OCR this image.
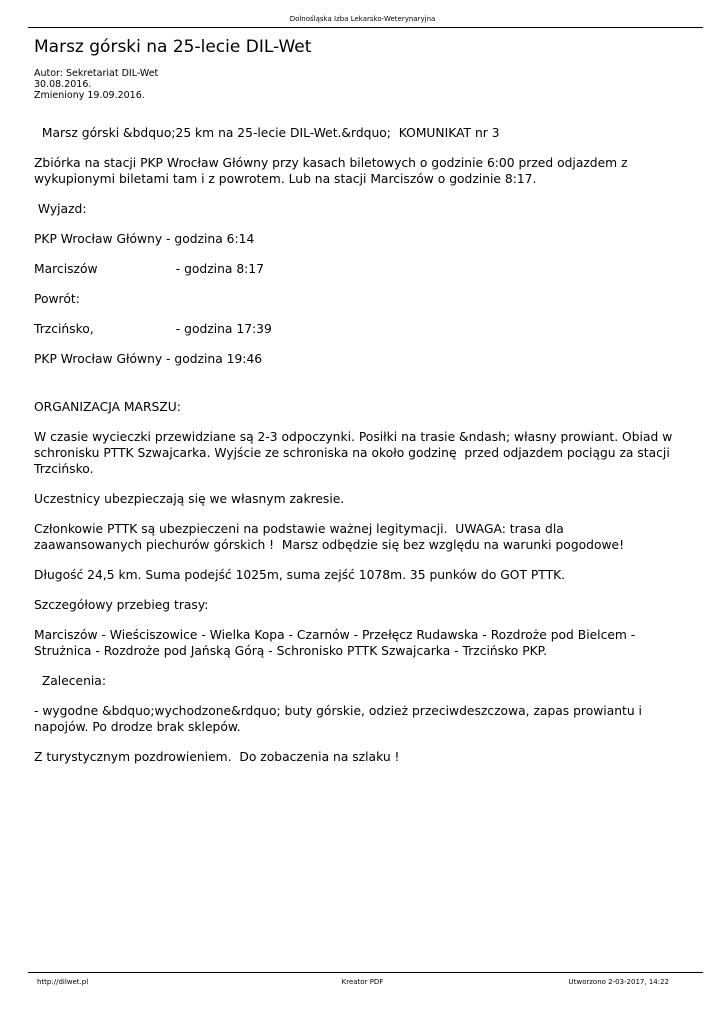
Dolnośląska Izba Lekarsko-Weterynaryjna
Marsz górski na 25-lecie DIL-Wet
Autor: Sekretariat DIL-Wet
30.08.2016.
Zmieniony 19.09.2016.

Marsz górski &bdquo;25 km na 25-lecie DIL-Wet.&rdquo;  KOMUNIKAT nr 3

Zbiórka na stacji PKP Wrocław Główny przy kasach biletowych o godzinie 6:00 przed odjazdem z wykupionymi biletami tam i z powrotem. Lub na stacji Marciszów o godzinie 8:17.

Wyjazd:

PKP Wrocław Główny - godzina 6:14

Marciszów                    - godzina 8:17

Powrót:

Trzcińsko,                     - godzina 17:39

PKP Wrocław Główny - godzina 19:46

ORGANIZACJA MARSZU:

W czasie wycieczki przewidziane są 2-3 odpoczynki. Posiłki na trasie &ndash; własny prowiant. Obiad w schronisku PTTK Szwajcarka. Wyjście ze schroniska na około godzinę  przed odjazdem pociągu za stacji Trzcińsko.

Uczestnicy ubezpieczają się we własnym zakresie.

Członkowie PTTK są ubezpieczeni na podstawie ważnej legitymacji.  UWAGA: trasa dla zaawansowanych piechurów górskich !  Marsz odbędzie się bez względu na warunki pogodowe!

Długość 24,5 km. Suma podejść 1025m, suma zejść 1078m. 35 punków do GOT PTTK.

Szczegółowy przebieg trasy:

Marciszów - Wieściszowice - Wielka Kopa - Czarnów - Przełęcz Rudawska - Rozdroże pod Bielcem - Strużnica - Rozdroże pod Jańską Górą - Schronisko PTTK Szwajcarka - Trzcińsko PKP.

Zalecenia:

- wygodne &bdquo;wychodzone&rdquo; buty górskie, odzież przeciwdeszczowa, zapas prowiantu i napojów. Po drodze brak sklepów.

Z turystycznym pozdrowieniem.  Do zobaczenia na szlaku !

http://dilwet.pl	Kreator PDF	Utworzono 2-03-2017, 14:22
